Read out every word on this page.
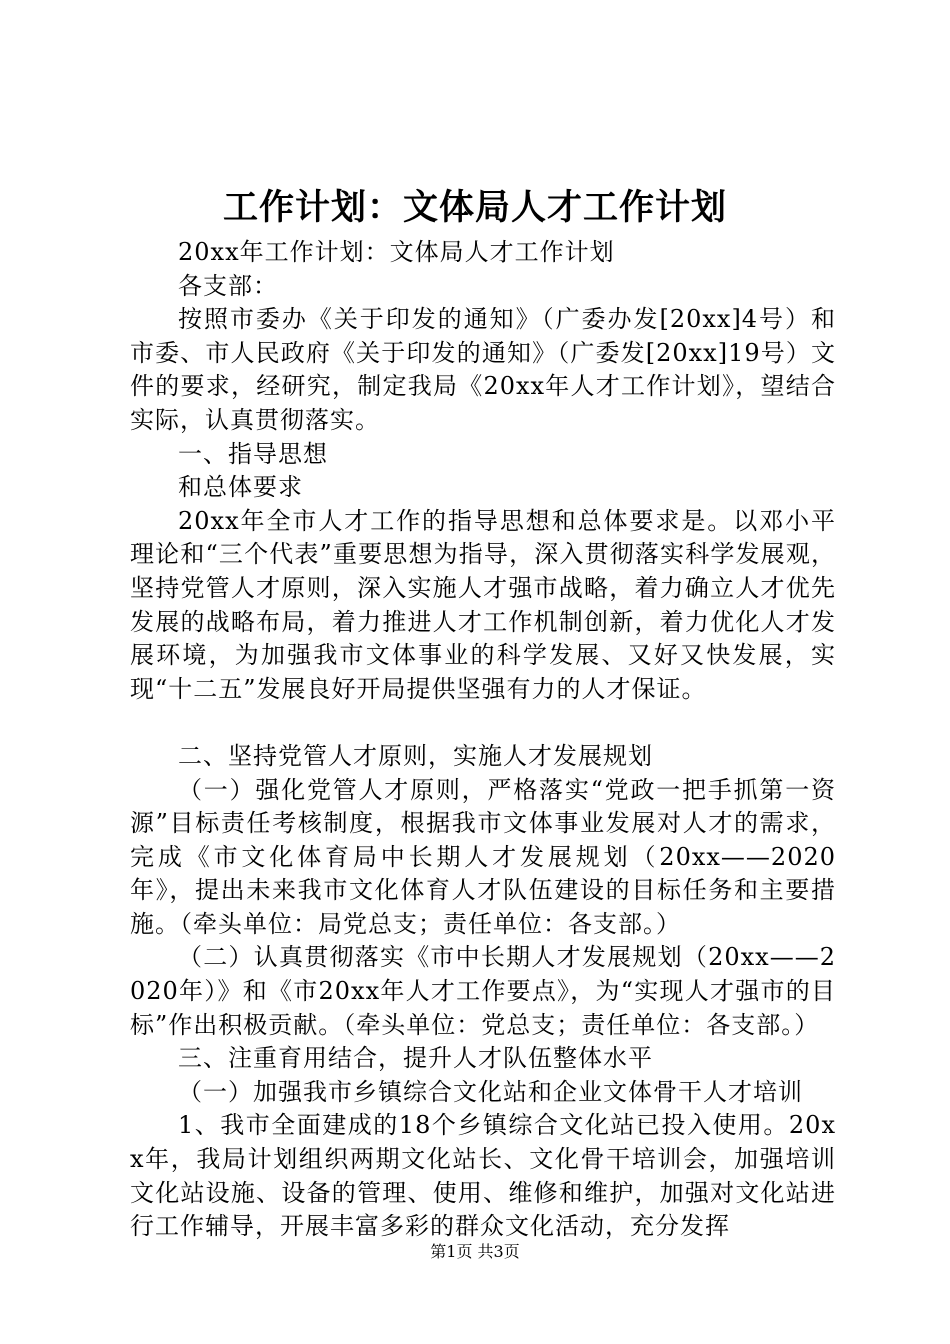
工作计划：文体局人才工作计划

20xx年工作计划：文体局人才工作计划

各支部：

按照市委办《关于印发的通知》（广委办发[20xx]4号）和市委、市人民政府《关于印发的通知》（广委发[20xx]19号）文件的要求，经研究，制定我局《20xx年人才工作计划》，望结合实际，认真贯彻落实。

一、指导思想

和总体要求

20xx年全市人才工作的指导思想和总体要求是。以邓小平理论和“三个代表”重要思想为指导，深入贯彻落实科学发展观，坚持党管人才原则，深入实施人才强市战略，着力确立人才优先发展的战略布局，着力推进人才工作机制创新，着力优化人才发展环境，为加强我市文体事业的科学发展、又好又快发展，实现“十二五”发展良好开局提供坚强有力的人才保证。

二、坚持党管人才原则，实施人才发展规划

（一）强化党管人才原则，严格落实“党政一把手抓第一资源”目标责任考核制度，根据我市文体事业发展对人才的需求，完成《市文化体育局中长期人才发展规划（20xx——2020年》，提出未来我市文化体育人才队伍建设的目标任务和主要措施。（牵头单位：局党总支；责任单位：各支部。）

（二）认真贯彻落实《市中长期人才发展规划（20xx——2020年）》和《市20xx年人才工作要点》，为“实现人才强市的目标”作出积极贡献。（牵头单位：党总支；责任单位：各支部。）

三、注重育用结合，提升人才队伍整体水平

（一）加强我市乡镇综合文化站和企业文体骨干人才培训

1、我市全面建成的18个乡镇综合文化站已投入使用。20xx年，我局计划组织两期文化站长、文化骨干培训会，加强培训文化站设施、设备的管理、使用、维修和维护，加强对文化站进行工作辅导，开展丰富多彩的群众文化活动，充分发挥

第1页 共3页
